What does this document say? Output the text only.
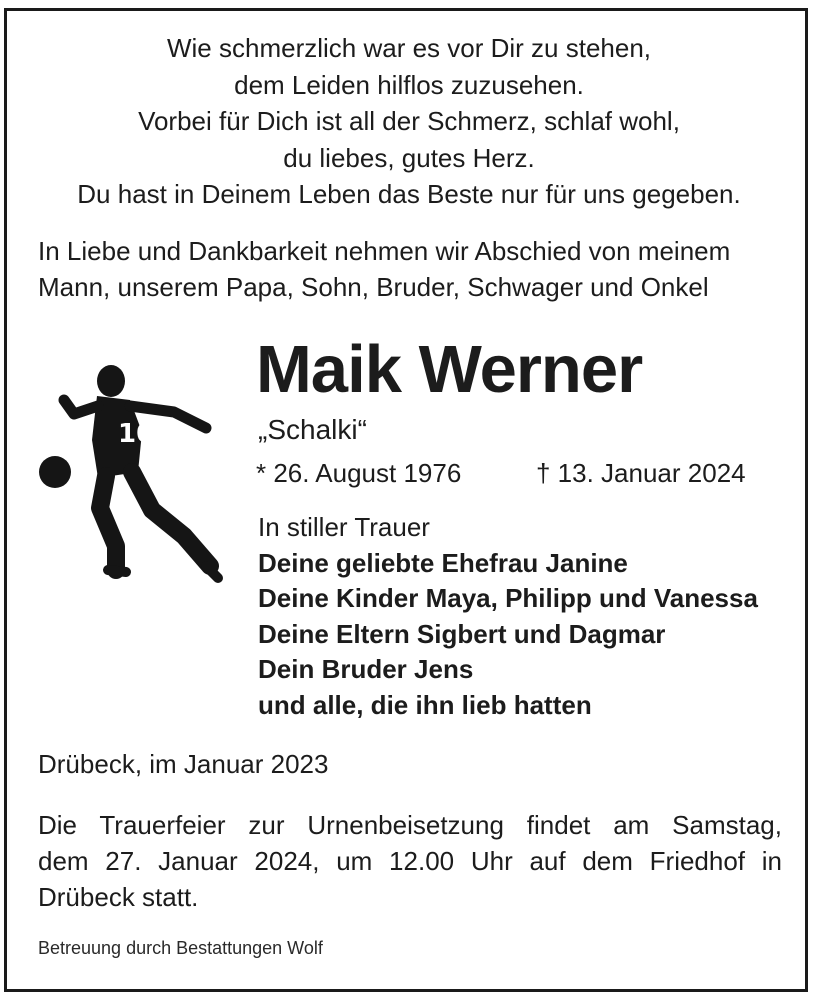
Wie schmerzlich war es vor Dir zu stehen,
dem Leiden hilflos zuzusehen.
Vorbei für Dich ist all der Schmerz, schlaf wohl,
du liebes, gutes Herz.
Du hast in Deinem Leben das Beste nur für uns gegeben.
In Liebe und Dankbarkeit nehmen wir Abschied von meinem
Mann, unserem Papa, Sohn, Bruder, Schwager und Onkel
10
Maik Werner
„Schalki“
* 26. August 1976	† 13. Januar 2024
In stiller Trauer
Deine geliebte Ehefrau Janine
Deine Kinder Maya, Philipp und Vanessa
Deine Eltern Sigbert und Dagmar
Dein Bruder Jens
und alle, die ihn lieb hatten
Drübeck, im Januar 2023
Die Trauerfeier zur Urnenbeisetzung findet am Samstag,
dem 27. Januar 2024, um 12.00 Uhr auf dem Friedhof in
Drübeck statt.
Betreuung durch Bestattungen Wolf
